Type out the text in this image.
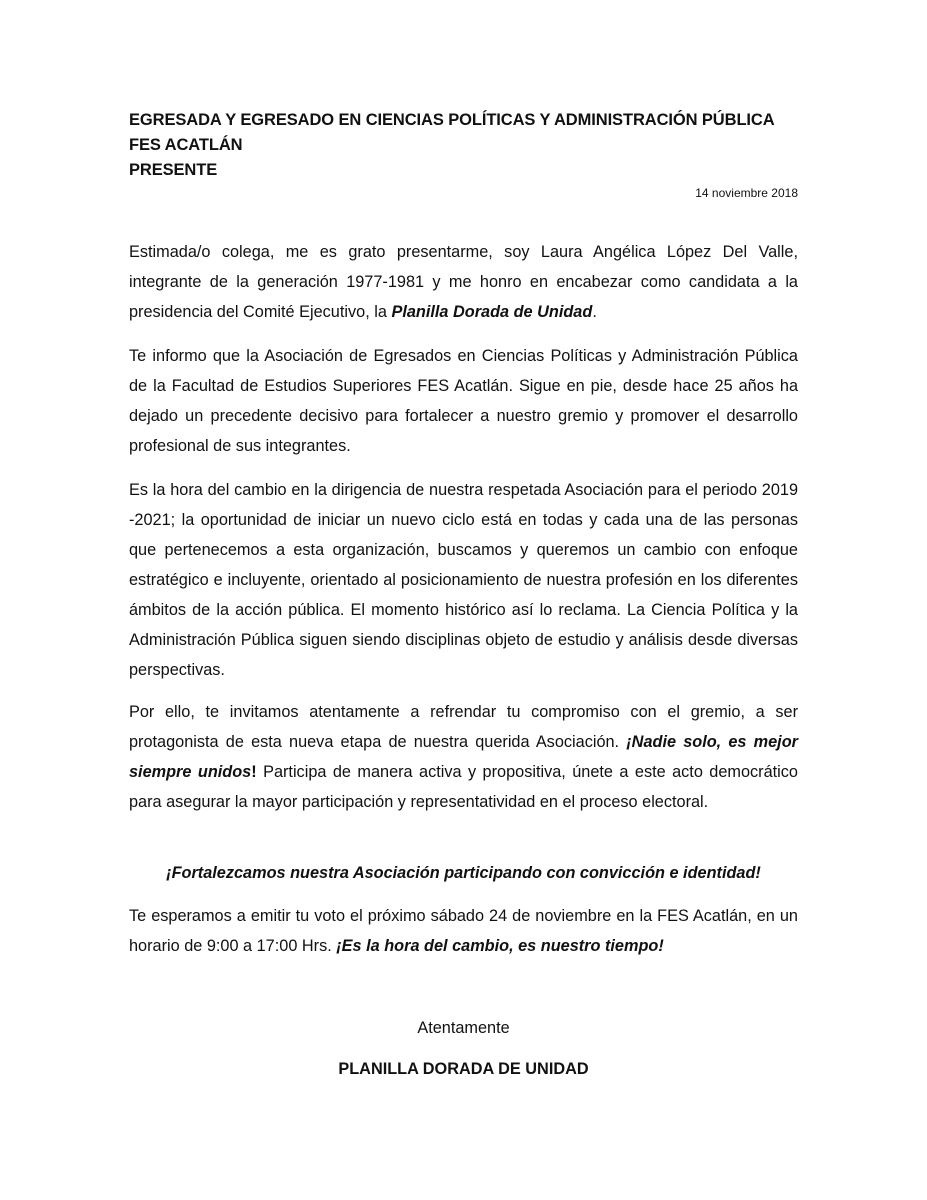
EGRESADA Y EGRESADO EN CIENCIAS POLÍTICAS Y ADMINISTRACIÓN PÚBLICA
FES ACATLÁN
PRESENTE
14 noviembre 2018

Estimada/o colega, me es grato presentarme, soy Laura Angélica López Del Valle, integrante de la generación 1977-1981 y me honro en encabezar como candidata a la presidencia del Comité Ejecutivo, la Planilla Dorada de Unidad.

Te informo que la Asociación de Egresados en Ciencias Políticas y Administración Pública de la Facultad de Estudios Superiores FES Acatlán. Sigue en pie, desde hace 25 años ha dejado un precedente decisivo para fortalecer a nuestro gremio y promover el desarrollo profesional de sus integrantes.

Es la hora del cambio en la dirigencia de nuestra respetada Asociación para el periodo 2019 -2021; la oportunidad de iniciar un nuevo ciclo está en todas y cada una de las personas que pertenecemos a esta organización, buscamos y queremos un cambio con enfoque estratégico e incluyente, orientado al posicionamiento de nuestra profesión en los diferentes ámbitos de la acción pública. El momento histórico así lo reclama. La Ciencia Política y la Administración Pública siguen siendo disciplinas objeto de estudio y análisis desde diversas perspectivas.

Por ello, te invitamos atentamente a refrendar tu compromiso con el gremio, a ser protagonista de esta nueva etapa de nuestra querida Asociación. ¡Nadie solo, es mejor siempre unidos! Participa de manera activa y propositiva, únete a este acto democrático para asegurar la mayor participación y representatividad en el proceso electoral.

¡Fortalezcamos nuestra Asociación participando con convicción e identidad!

Te esperamos a emitir tu voto el próximo sábado 24 de noviembre en la FES Acatlán, en un horario de 9:00 a 17:00 Hrs. ¡Es la hora del cambio, es nuestro tiempo!

Atentamente
PLANILLA DORADA DE UNIDAD
